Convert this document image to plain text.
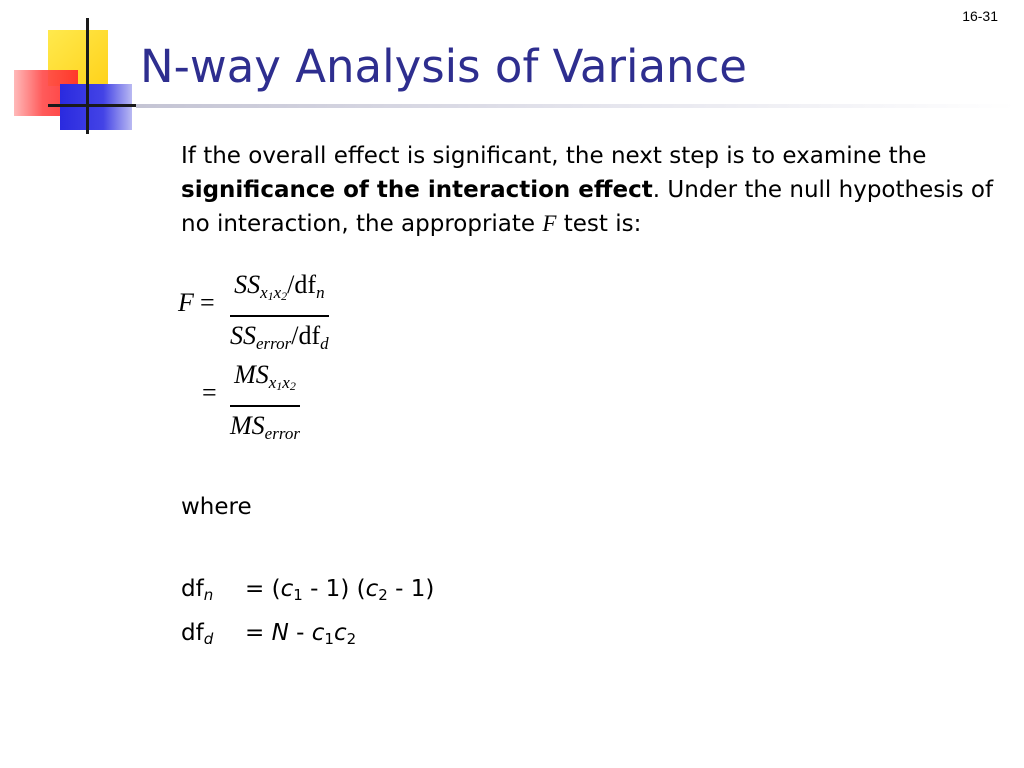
16-31
N-way Analysis of Variance

If the overall effect is significant, the next step is to examine the significance of the interaction effect. Under the null hypothesis of no interaction, the appropriate F test is:

F =
$SS_{x1x2}/df_n$
$SS_{error}/df_d$
=
$MS_{x1x2}$
$MS_{error}$

where

$df_n = (c_1 - 1)$ $(c_2 - 1)$
$df_d = N - c_1c_2$
